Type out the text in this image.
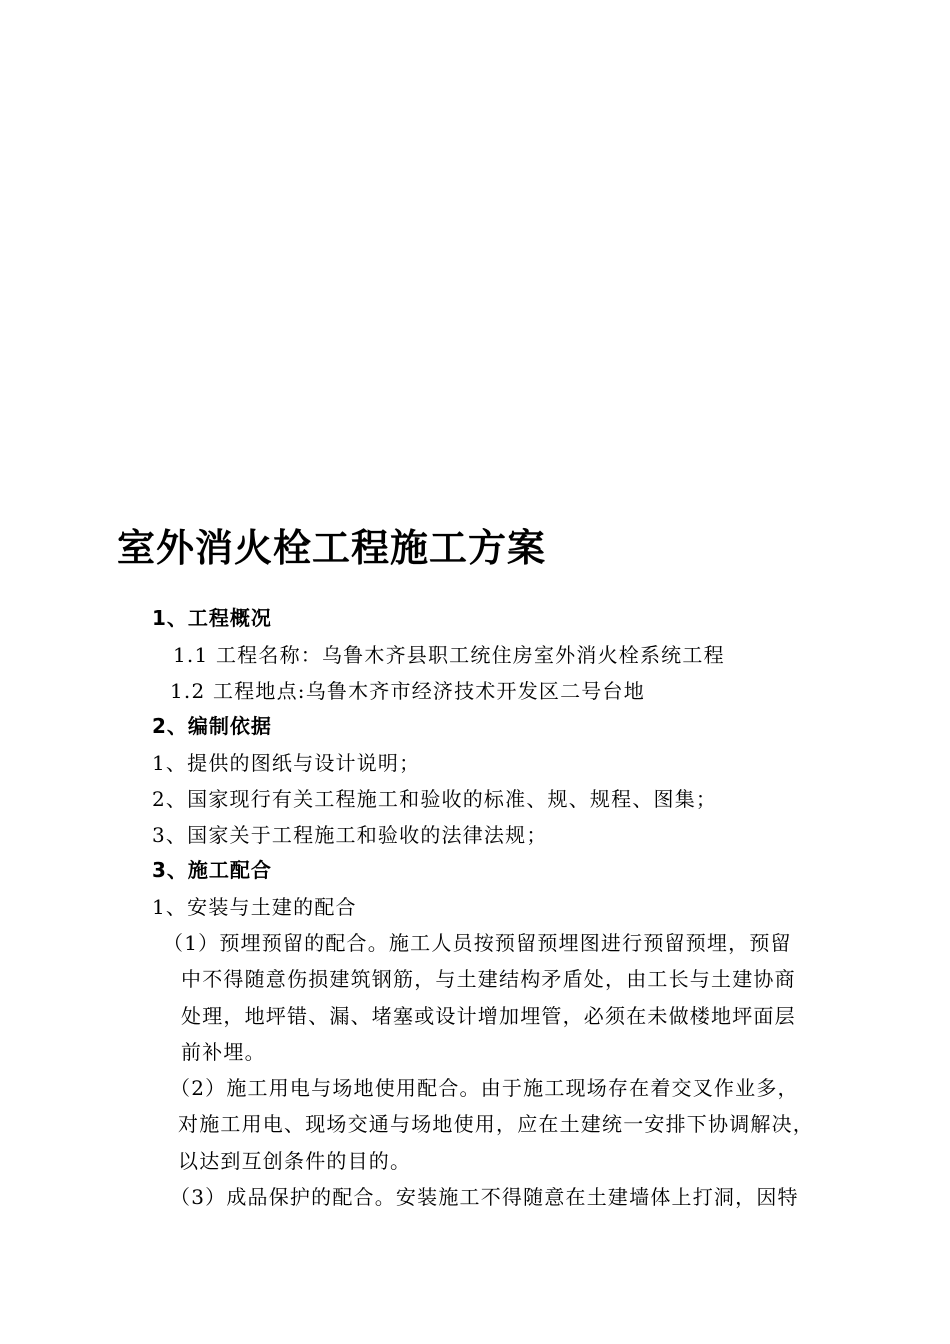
室外消火栓工程施工方案
1、工程概况
1.1 工程名称：乌鲁木齐县职工统住房室外消火栓系统工程
1.2 工程地点:乌鲁木齐市经济技术开发区二号台地
2、编制依据
1、提供的图纸与设计说明；
2、国家现行有关工程施工和验收的标准、规、规程、图集；
3、国家关于工程施工和验收的法律法规；
3、施工配合
1、安装与土建的配合
（1）预埋预留的配合。施工人员按预留预埋图进行预留预埋，预留
中不得随意伤损建筑钢筋，与土建结构矛盾处，由工长与土建协商
处理，地坪错、漏、堵塞或设计增加埋管，必须在未做楼地坪面层
前补埋。
（2）施工用电与场地使用配合。由于施工现场存在着交叉作业多，
对施工用电、现场交通与场地使用，应在土建统一安排下协调解决，
以达到互创条件的目的。
（3）成品保护的配合。安装施工不得随意在土建墙体上打洞，因特
